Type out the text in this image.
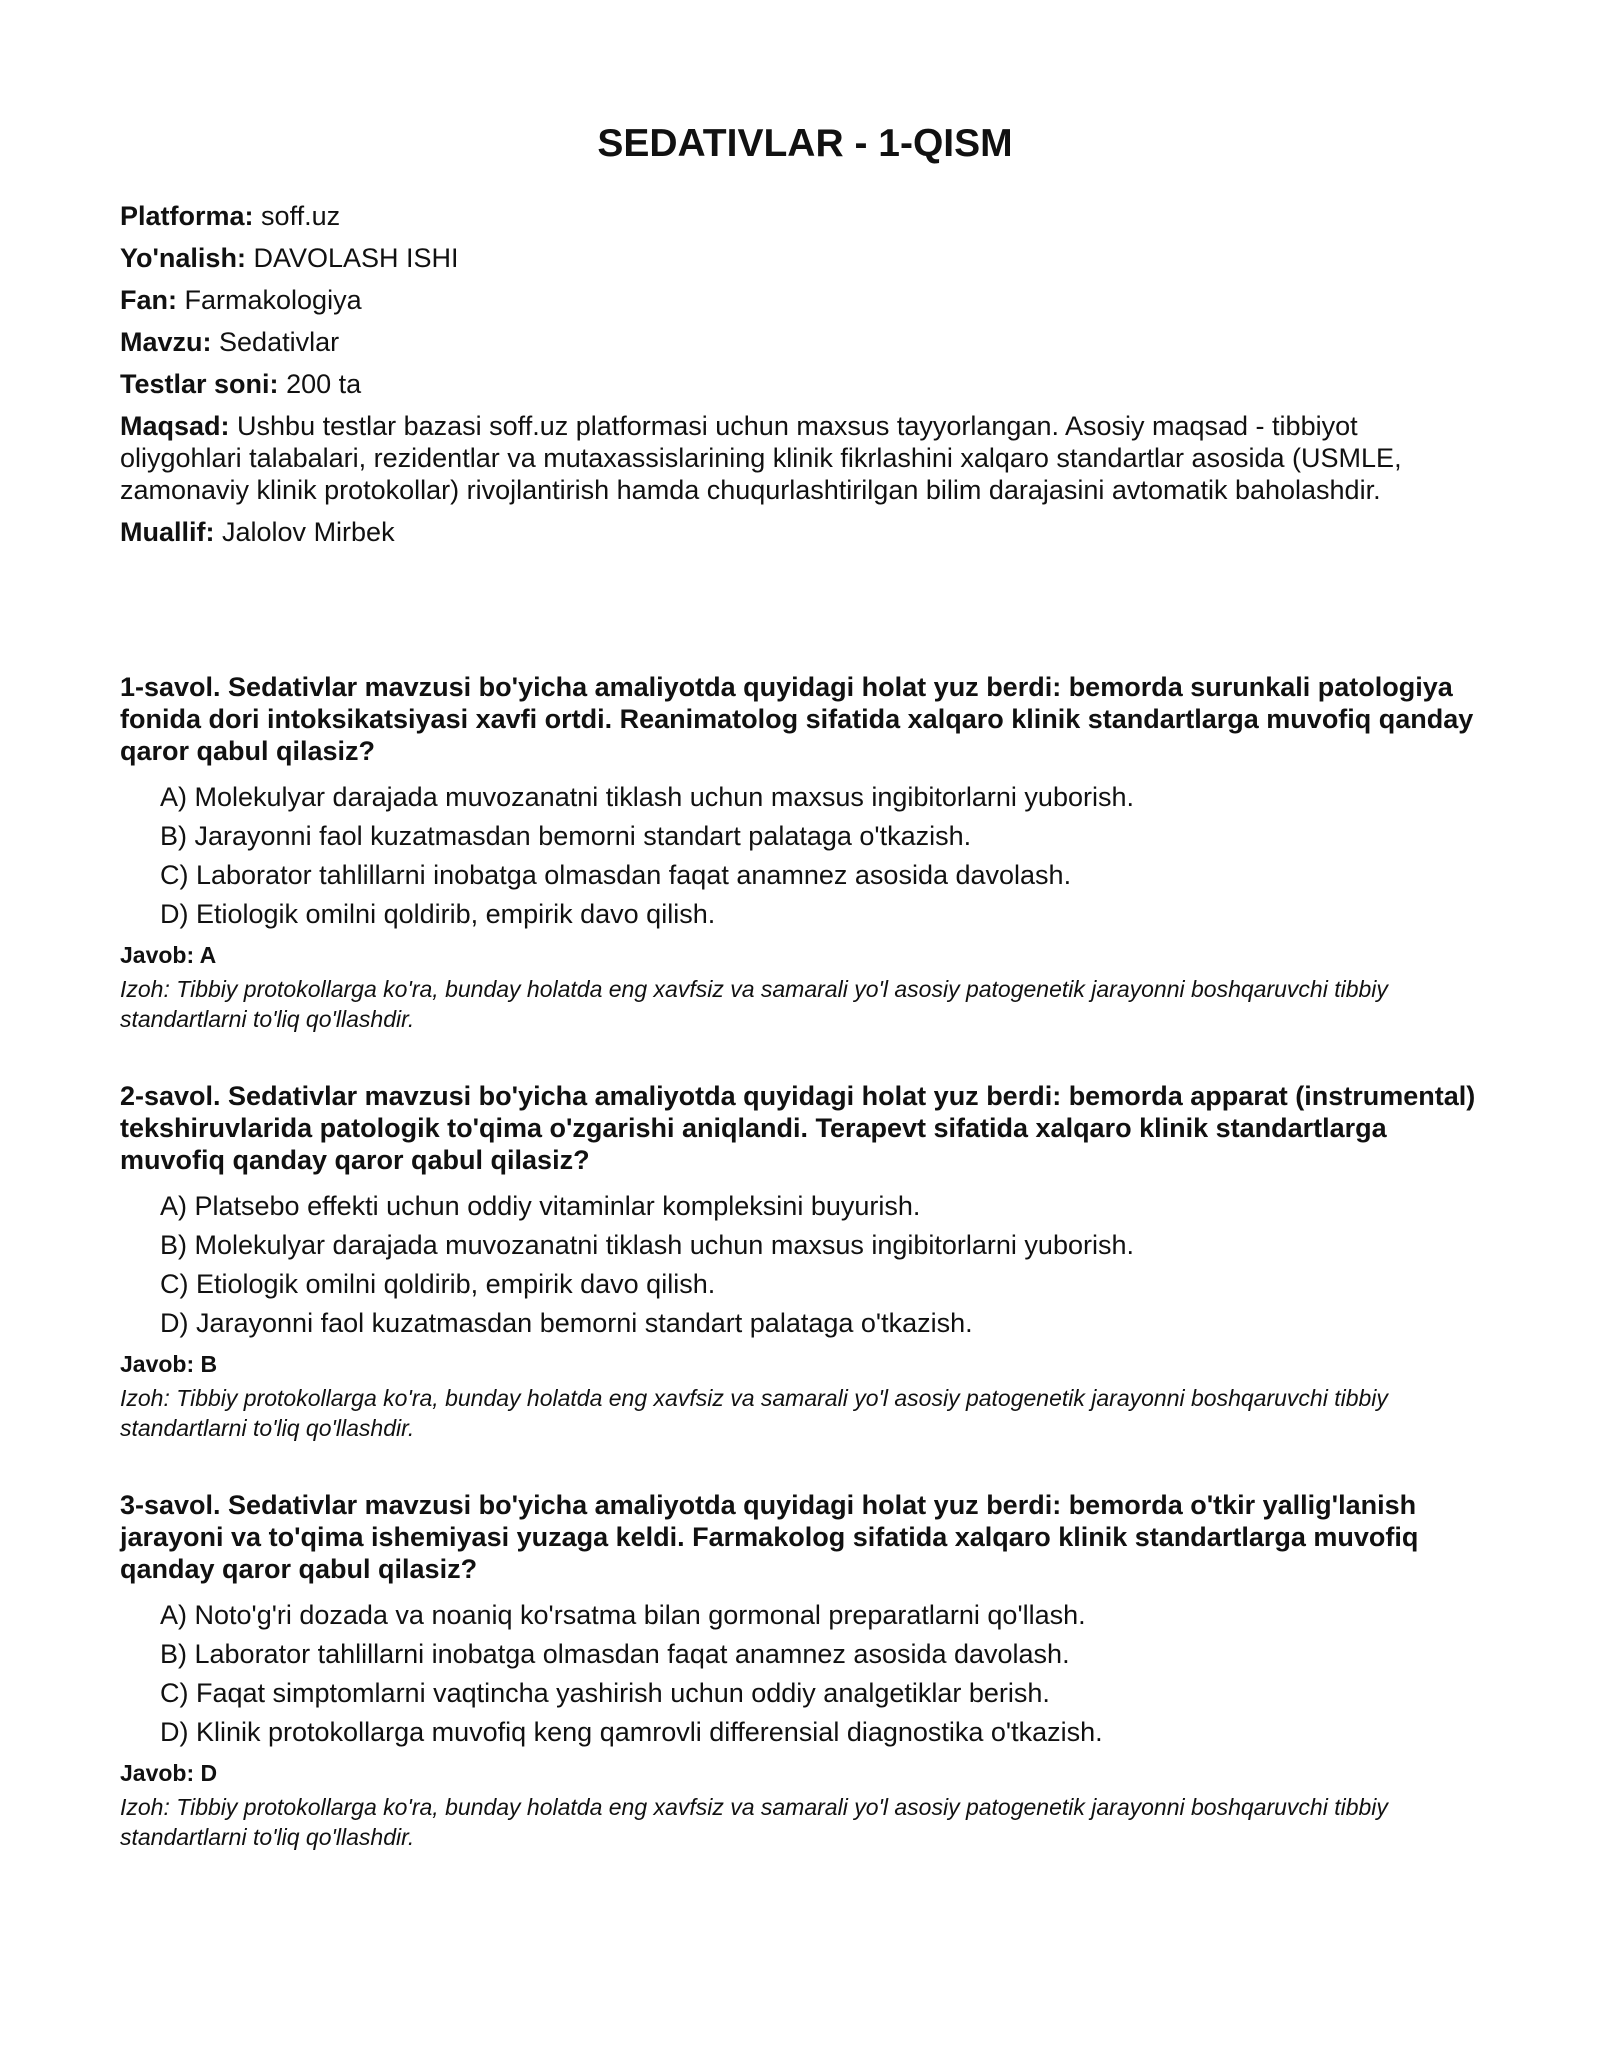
SEDATIVLAR - 1-QISM

Platforma: soff.uz

Yo'nalish: DAVOLASH ISHI

Fan: Farmakologiya

Mavzu: Sedativlar

Testlar soni: 200 ta

Maqsad: Ushbu testlar bazasi soff.uz platformasi uchun maxsus tayyorlangan. Asosiy maqsad - tibbiyot oliygohlari talabalari, rezidentlar va mutaxassislarining klinik fikrlashini xalqaro standartlar asosida (USMLE, zamonaviy klinik protokollar) rivojlantirish hamda chuqurlashtirilgan bilim darajasini avtomatik baholashdir.

Muallif: Jalolov Mirbek

1-savol. Sedativlar mavzusi bo'yicha amaliyotda quyidagi holat yuz berdi: bemorda surunkali patologiya fonida dori intoksikatsiyasi xavfi ortdi. Reanimatolog sifatida xalqaro klinik standartlarga muvofiq qanday qaror qabul qilasiz?

A) Molekulyar darajada muvozanatni tiklash uchun maxsus ingibitorlarni yuborish.
B) Jarayonni faol kuzatmasdan bemorni standart palataga o'tkazish.
C) Laborator tahlillarni inobatga olmasdan faqat anamnez asosida davolash.
D) Etiologik omilni qoldirib, empirik davo qilish.

Javob: A

Izoh: Tibbiy protokollarga ko'ra, bunday holatda eng xavfsiz va samarali yo'l asosiy patogenetik jarayonni boshqaruvchi tibbiy standartlarni to'liq qo'llashdir.

2-savol. Sedativlar mavzusi bo'yicha amaliyotda quyidagi holat yuz berdi: bemorda apparat (instrumental) tekshiruvlarida patologik to'qima o'zgarishi aniqlandi. Terapevt sifatida xalqaro klinik standartlarga muvofiq qanday qaror qabul qilasiz?

A) Platsebo effekti uchun oddiy vitaminlar kompleksini buyurish.
B) Molekulyar darajada muvozanatni tiklash uchun maxsus ingibitorlarni yuborish.
C) Etiologik omilni qoldirib, empirik davo qilish.
D) Jarayonni faol kuzatmasdan bemorni standart palataga o'tkazish.

Javob: B

Izoh: Tibbiy protokollarga ko'ra, bunday holatda eng xavfsiz va samarali yo'l asosiy patogenetik jarayonni boshqaruvchi tibbiy standartlarni to'liq qo'llashdir.

3-savol. Sedativlar mavzusi bo'yicha amaliyotda quyidagi holat yuz berdi: bemorda o'tkir yallig'lanish jarayoni va to'qima ishemiyasi yuzaga keldi. Farmakolog sifatida xalqaro klinik standartlarga muvofiq qanday qaror qabul qilasiz?

A) Noto'g'ri dozada va noaniq ko'rsatma bilan gormonal preparatlarni qo'llash.
B) Laborator tahlillarni inobatga olmasdan faqat anamnez asosida davolash.
C) Faqat simptomlarni vaqtincha yashirish uchun oddiy analgetiklar berish.
D) Klinik protokollarga muvofiq keng qamrovli differensial diagnostika o'tkazish.

Javob: D

Izoh: Tibbiy protokollarga ko'ra, bunday holatda eng xavfsiz va samarali yo'l asosiy patogenetik jarayonni boshqaruvchi tibbiy standartlarni to'liq qo'llashdir.
